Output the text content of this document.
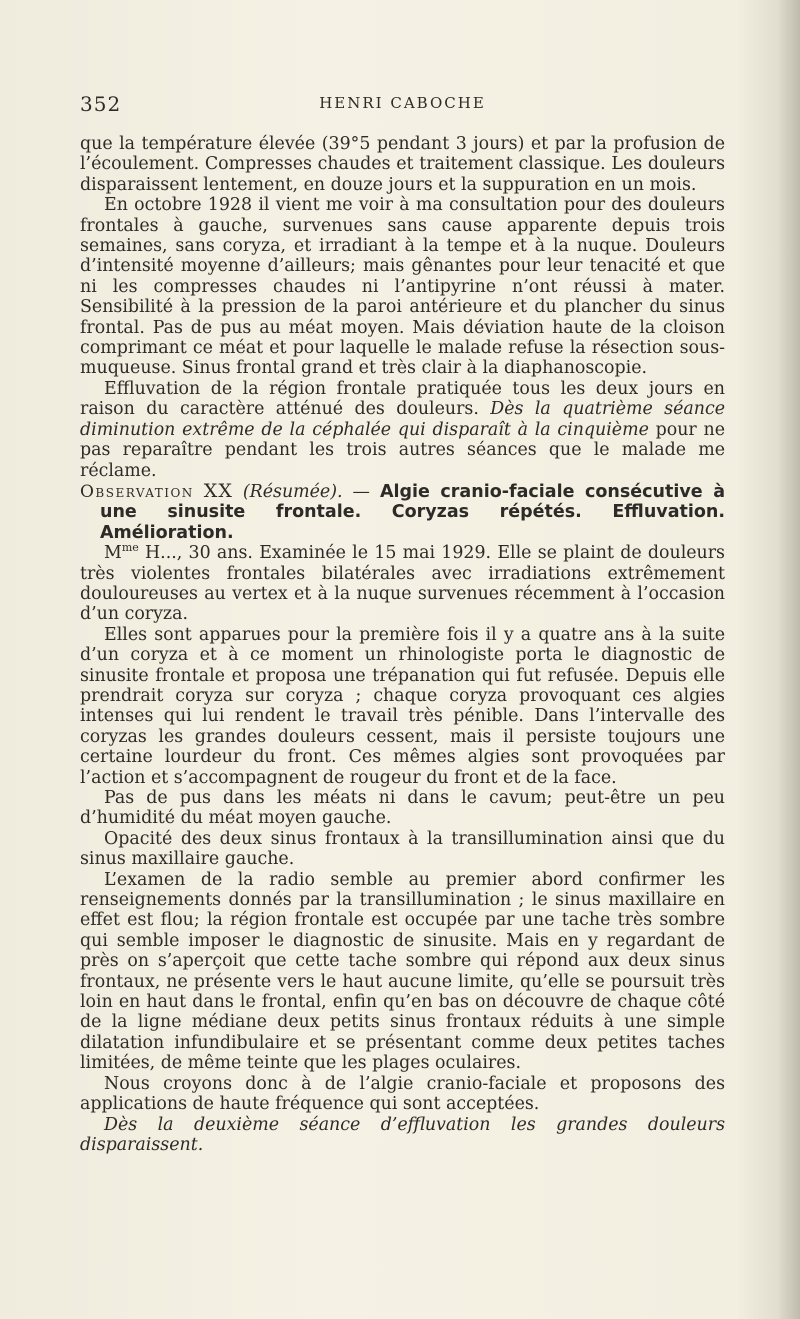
352	HENRI CABOCHE

que la température élevée (39°5 pendant 3 jours) et par la profusion de l’écoulement. Compresses chaudes et traitement classique. Les douleurs disparaissent lentement, en douze jours et la suppuration en un mois.

En octobre 1928 il vient me voir à ma consultation pour des douleurs frontales à gauche, survenues sans cause apparente depuis trois semaines, sans coryza, et irradiant à la tempe et à la nuque. Douleurs d’intensité moyenne d’ailleurs; mais gênantes pour leur tenacité et que ni les compresses chaudes ni l’antipyrine n’ont réussi à mater. Sensibilité à la pression de la paroi antérieure et du plancher du sinus frontal. Pas de pus au méat moyen. Mais déviation haute de la cloison comprimant ce méat et pour laquelle le malade refuse la résection sous-muqueuse. Sinus frontal grand et très clair à la diaphanoscopie.

Effluvation de la région frontale pratiquée tous les deux jours en raison du caractère atténué des douleurs. Dès la quatrième séance diminution extrême de la céphalée qui disparaît à la cinquième pour ne pas reparaître pendant les trois autres séances que le malade me réclame.

Observation XX (Résumée). — Algie cranio-faciale consécutive à une sinusite frontale. Coryzas répétés. Effluvation. Amélioration.

$M^{me}$ H..., 30 ans. Examinée le 15 mai 1929. Elle se plaint de douleurs très violentes frontales bilatérales avec irradiations extrêmement douloureuses au vertex et à la nuque survenues récemment à l’occasion d’un coryza.

Elles sont apparues pour la première fois il y a quatre ans à la suite d’un coryza et à ce moment un rhinologiste porta le diagnostic de sinusite frontale et proposa une trépanation qui fut refusée. Depuis elle prendrait coryza sur coryza ; chaque coryza provoquant ces algies intenses qui lui rendent le travail très pénible. Dans l’intervalle des coryzas les grandes douleurs cessent, mais il persiste toujours une certaine lourdeur du front. Ces mêmes algies sont provoquées par l’action et s’accompagnent de rougeur du front et de la face.

Pas de pus dans les méats ni dans le cavum; peut-être un peu d’humidité du méat moyen gauche.

Opacité des deux sinus frontaux à la transillumination ainsi que du sinus maxillaire gauche.

L’examen de la radio semble au premier abord confirmer les renseignements donnés par la transillumination ; le sinus maxillaire en effet est flou; la région frontale est occupée par une tache très sombre qui semble imposer le diagnostic de sinusite. Mais en y regardant de près on s’aperçoit que cette tache sombre qui répond aux deux sinus frontaux, ne présente vers le haut aucune limite, qu’elle se poursuit très loin en haut dans le frontal, enfin qu’en bas on découvre de chaque côté de la ligne médiane deux petits sinus frontaux réduits à une simple dilatation infundibulaire et se présentant comme deux petites taches limitées, de même teinte que les plages oculaires.

Nous croyons donc à de l’algie cranio-faciale et proposons des applications de haute fréquence qui sont acceptées.

Dès la deuxième séance d’effluvation les grandes douleurs disparaissent.
